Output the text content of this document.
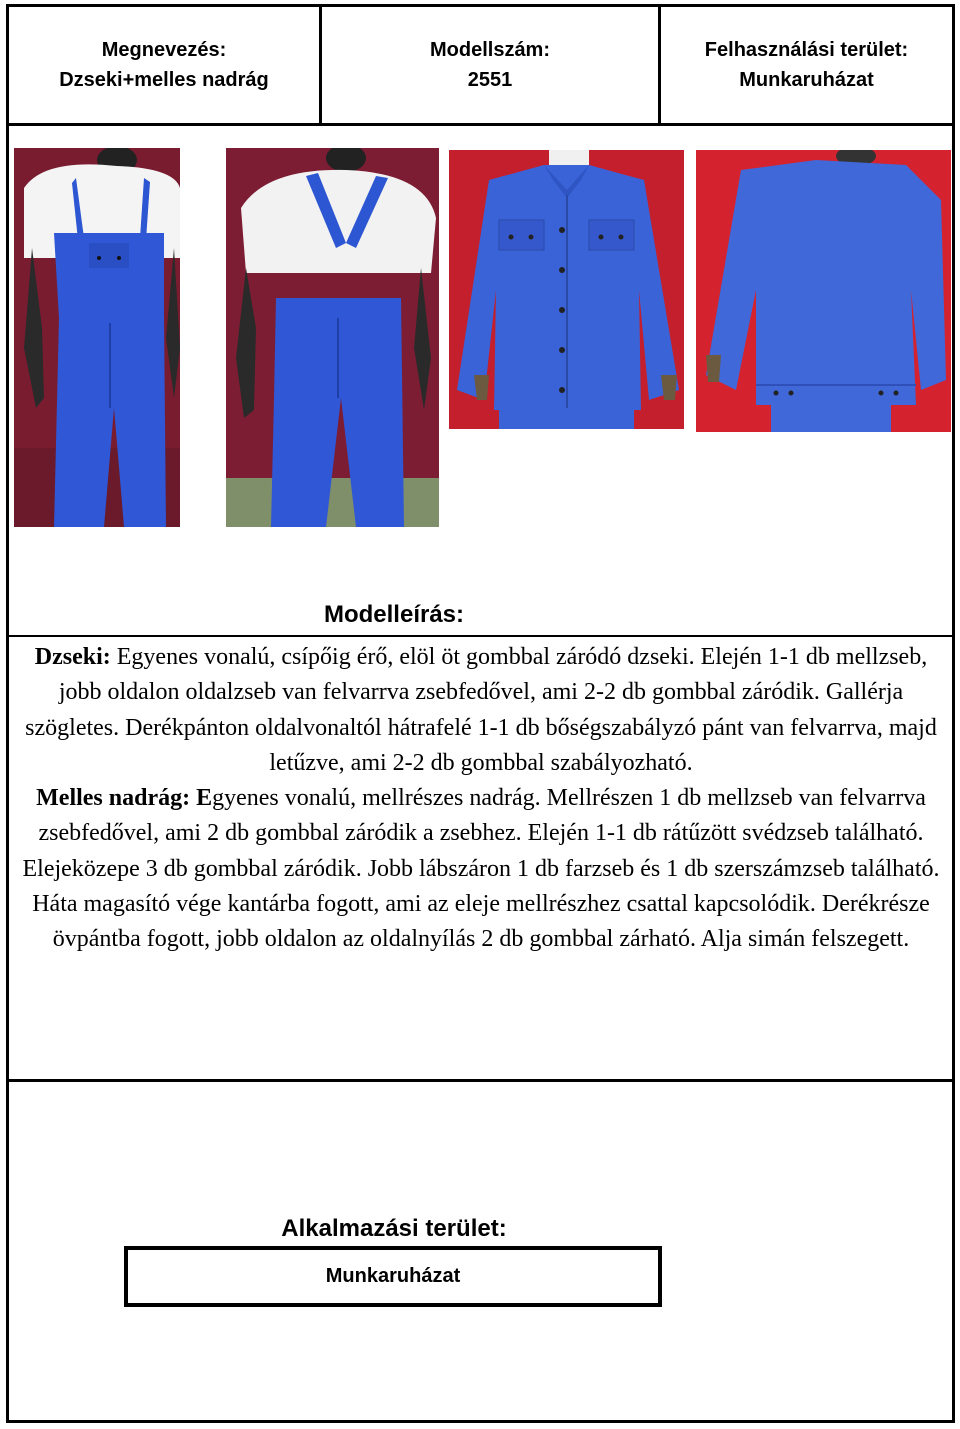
Megnevezés:
Dzseki+melles nadrág
Modellszám:
2551
Felhasználási terület:
Munkaruházat
Modelleírás:
Dzseki: Egyenes vonalú, csípőig érő, elöl öt gombbal záródó dzseki. Elején 1-1 db mellzseb, jobb oldalon oldalzseb van felvarrva zsebfedővel, ami 2-2 db gombbal záródik. Gallérja szögletes. Derékpánton oldalvonaltól hátrafelé 1-1 db bőségszabályzó pánt van felvarrva, majd letűzve, ami 2-2 db gombbal szabályozható.
Melles nadrág: Egyenes vonalú, mellrészes nadrág. Mellrészen 1 db mellzseb van felvarrva zsebfedővel, ami 2 db gombbal záródik a zsebhez. Elején 1-1 db rátűzött svédzseb található. Elejeközepe 3 db gombbal záródik. Jobb lábszáron 1 db farzseb és 1 db szerszámzseb található. Háta magasító vége kantárba fogott, ami az eleje mellrészhez csattal kapcsolódik. Derékrésze övpántba fogott, jobb oldalon az oldalnyílás 2 db gombbal zárható. Alja simán felszegett.
Alkalmazási terület:
Munkaruházat
